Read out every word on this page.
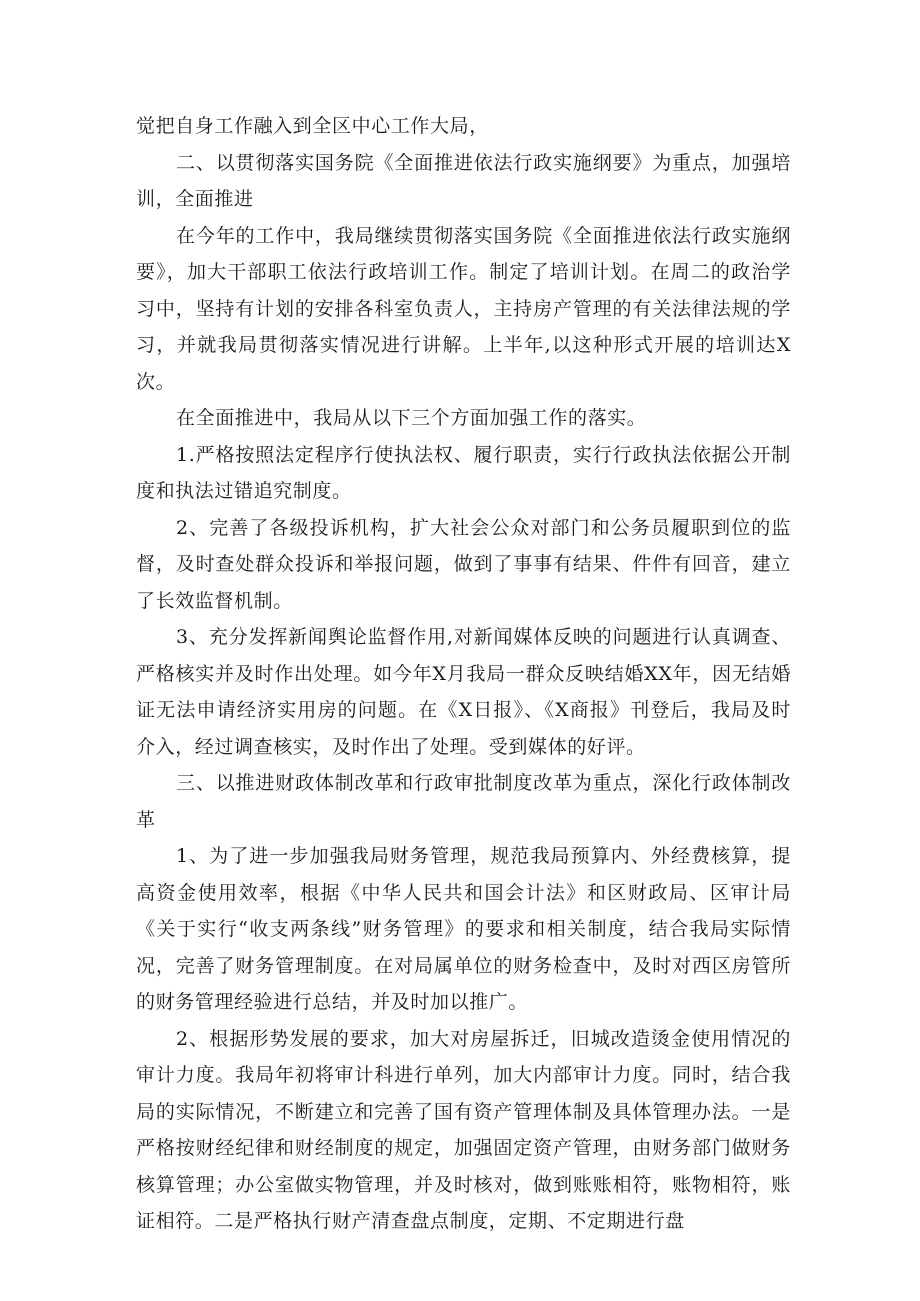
觉把自身工作融入到全区中心工作大局，

二、以贯彻落实国务院《全面推进依法行政实施纲要》为重点，加强培训，全面推进

在今年的工作中，我局继续贯彻落实国务院《全面推进依法行政实施纲要》，加大干部职工依法行政培训工作。制定了培训计划。在周二的政治学习中，坚持有计划的安排各科室负责人，主持房产管理的有关法律法规的学习，并就我局贯彻落实情况进行讲解。上半年,以这种形式开展的培训达X次。

在全面推进中，我局从以下三个方面加强工作的落实。

1.严格按照法定程序行使执法权、履行职责，实行行政执法依据公开制度和执法过错追究制度。

2、完善了各级投诉机构，扩大社会公众对部门和公务员履职到位的监督，及时查处群众投诉和举报问题，做到了事事有结果、件件有回音，建立了长效监督机制。

3、充分发挥新闻舆论监督作用,对新闻媒体反映的问题进行认真调查、严格核实并及时作出处理。如今年X月我局一群众反映结婚XX年，因无结婚证无法申请经济实用房的问题。在《X日报》、《X商报》刊登后，我局及时介入，经过调查核实，及时作出了处理。受到媒体的好评。

三、以推进财政体制改革和行政审批制度改革为重点，深化行政体制改革

1、为了进一步加强我局财务管理，规范我局预算内、外经费核算，提高资金使用效率，根据《中华人民共和国会计法》和区财政局、区审计局《关于实行“收支两条线”财务管理》的要求和相关制度，结合我局实际情况，完善了财务管理制度。在对局属单位的财务检查中，及时对西区房管所的财务管理经验进行总结，并及时加以推广。

2、根据形势发展的要求，加大对房屋拆迁，旧城改造烫金使用情况的审计力度。我局年初将审计科进行单列，加大内部审计力度。同时，结合我局的实际情况，不断建立和完善了国有资产管理体制及具体管理办法。一是严格按财经纪律和财经制度的规定，加强固定资产管理，由财务部门做财务核算管理；办公室做实物管理，并及时核对，做到账账相符，账物相符，账证相符。二是严格执行财产清查盘点制度，定期、不定期进行盘
